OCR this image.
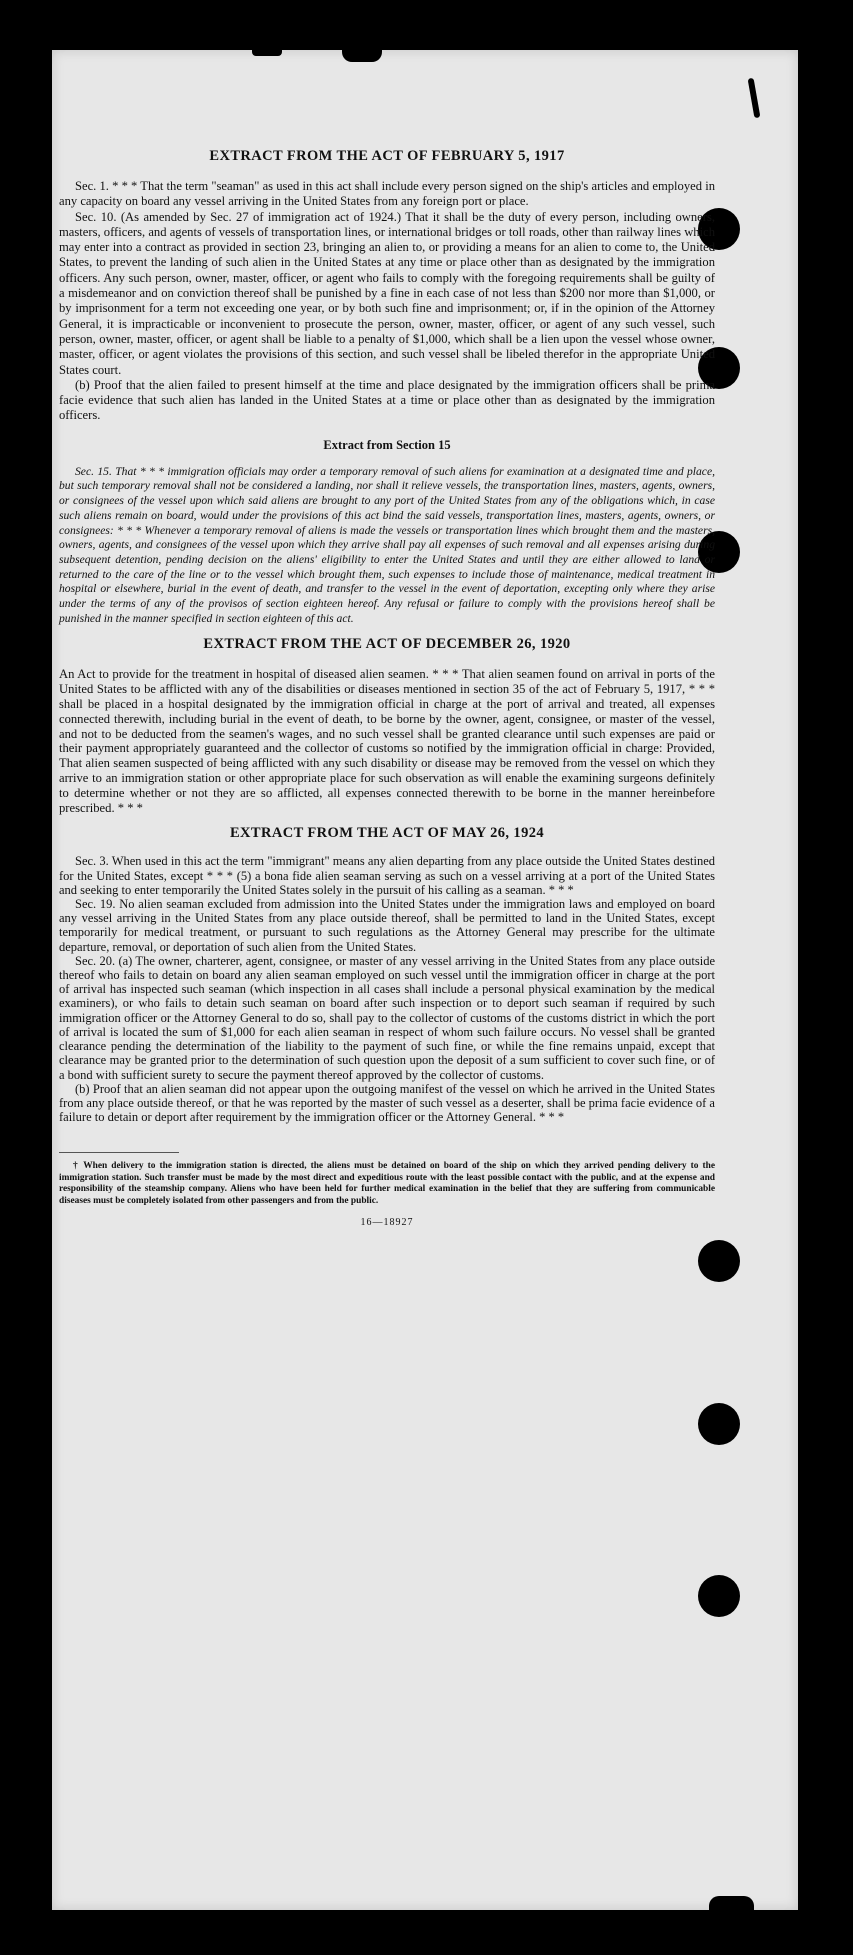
EXTRACT FROM THE ACT OF FEBRUARY 5, 1917

Sec. 1. * * * That the term "seaman" as used in this act shall include every person signed on the ship's articles and employed in any capacity on board any vessel arriving in the United States from any foreign port or place.

Sec. 10. (As amended by Sec. 27 of immigration act of 1924.) That it shall be the duty of every person, including owners, masters, officers, and agents of vessels of transportation lines, or international bridges or toll roads, other than railway lines which may enter into a contract as provided in section 23, bringing an alien to, or providing a means for an alien to come to, the United States, to prevent the landing of such alien in the United States at any time or place other than as designated by the immigration officers. Any such person, owner, master, officer, or agent who fails to comply with the foregoing requirements shall be guilty of a misdemeanor and on conviction thereof shall be punished by a fine in each case of not less than $200 nor more than $1,000, or by imprisonment for a term not exceeding one year, or by both such fine and imprisonment; or, if in the opinion of the Attorney General, it is impracticable or inconvenient to prosecute the person, owner, master, officer, or agent of any such vessel, such person, owner, master, officer, or agent shall be liable to a penalty of $1,000, which shall be a lien upon the vessel whose owner, master, officer, or agent violates the provisions of this section, and such vessel shall be libeled therefor in the appropriate United States court.

(b) Proof that the alien failed to present himself at the time and place designated by the immigration officers shall be prima facie evidence that such alien has landed in the United States at a time or place other than as designated by the immigration officers.

Extract from Section 15

Sec. 15. That * * * immigration officials may order a temporary removal of such aliens for examination at a designated time and place, but such temporary removal shall not be considered a landing, nor shall it relieve vessels, the transportation lines, masters, agents, owners, or consignees of the vessel upon which said aliens are brought to any port of the United States from any of the obligations which, in case such aliens remain on board, would under the provisions of this act bind the said vessels, transportation lines, masters, agents, owners, or consignees: * * * Whenever a temporary removal of aliens is made the vessels or transportation lines which brought them and the masters, owners, agents, and consignees of the vessel upon which they arrive shall pay all expenses of such removal and all expenses arising during subsequent detention, pending decision on the aliens' eligibility to enter the United States and until they are either allowed to land or returned to the care of the line or to the vessel which brought them, such expenses to include those of maintenance, medical treatment in hospital or elsewhere, burial in the event of death, and transfer to the vessel in the event of deportation, excepting only where they arise under the terms of any of the provisos of section eighteen hereof. Any refusal or failure to comply with the provisions hereof shall be punished in the manner specified in section eighteen of this act.

EXTRACT FROM THE ACT OF DECEMBER 26, 1920

An Act to provide for the treatment in hospital of diseased alien seamen. * * * That alien seamen found on arrival in ports of the United States to be afflicted with any of the disabilities or diseases mentioned in section 35 of the act of February 5, 1917, * * * shall be placed in a hospital designated by the immigration official in charge at the port of arrival and treated, all expenses connected therewith, including burial in the event of death, to be borne by the owner, agent, consignee, or master of the vessel, and not to be deducted from the seamen's wages, and no such vessel shall be granted clearance until such expenses are paid or their payment appropriately guaranteed and the collector of customs so notified by the immigration official in charge: Provided, That alien seamen suspected of being afflicted with any such disability or disease may be removed from the vessel on which they arrive to an immigration station or other appropriate place for such observation as will enable the examining surgeons definitely to determine whether or not they are so afflicted, all expenses connected therewith to be borne in the manner hereinbefore prescribed. * * *

EXTRACT FROM THE ACT OF MAY 26, 1924

Sec. 3. When used in this act the term "immigrant" means any alien departing from any place outside the United States destined for the United States, except * * * (5) a bona fide alien seaman serving as such on a vessel arriving at a port of the United States and seeking to enter temporarily the United States solely in the pursuit of his calling as a seaman. * * *

Sec. 19. No alien seaman excluded from admission into the United States under the immigration laws and employed on board any vessel arriving in the United States from any place outside thereof, shall be permitted to land in the United States, except temporarily for medical treatment, or pursuant to such regulations as the Attorney General may prescribe for the ultimate departure, removal, or deportation of such alien from the United States.

Sec. 20. (a) The owner, charterer, agent, consignee, or master of any vessel arriving in the United States from any place outside thereof who fails to detain on board any alien seaman employed on such vessel until the immigration officer in charge at the port of arrival has inspected such seaman (which inspection in all cases shall include a personal physical examination by the medical examiners), or who fails to detain such seaman on board after such inspection or to deport such seaman if required by such immigration officer or the Attorney General to do so, shall pay to the collector of customs of the customs district in which the port of arrival is located the sum of $1,000 for each alien seaman in respect of whom such failure occurs. No vessel shall be granted clearance pending the determination of the liability to the payment of such fine, or while the fine remains unpaid, except that clearance may be granted prior to the determination of such question upon the deposit of a sum sufficient to cover such fine, or of a bond with sufficient surety to secure the payment thereof approved by the collector of customs.

(b) Proof that an alien seaman did not appear upon the outgoing manifest of the vessel on which he arrived in the United States from any place outside thereof, or that he was reported by the master of such vessel as a deserter, shall be prima facie evidence of a failure to detain or deport after requirement by the immigration officer or the Attorney General. * * *

† When delivery to the immigration station is directed, the aliens must be detained on board of the ship on which they arrived pending delivery to the immigration station. Such transfer must be made by the most direct and expeditious route with the least possible contact with the public, and at the expense and responsibility of the steamship company. Aliens who have been held for further medical examination in the belief that they are suffering from communicable diseases must be completely isolated from other passengers and from the public.

16—18927
